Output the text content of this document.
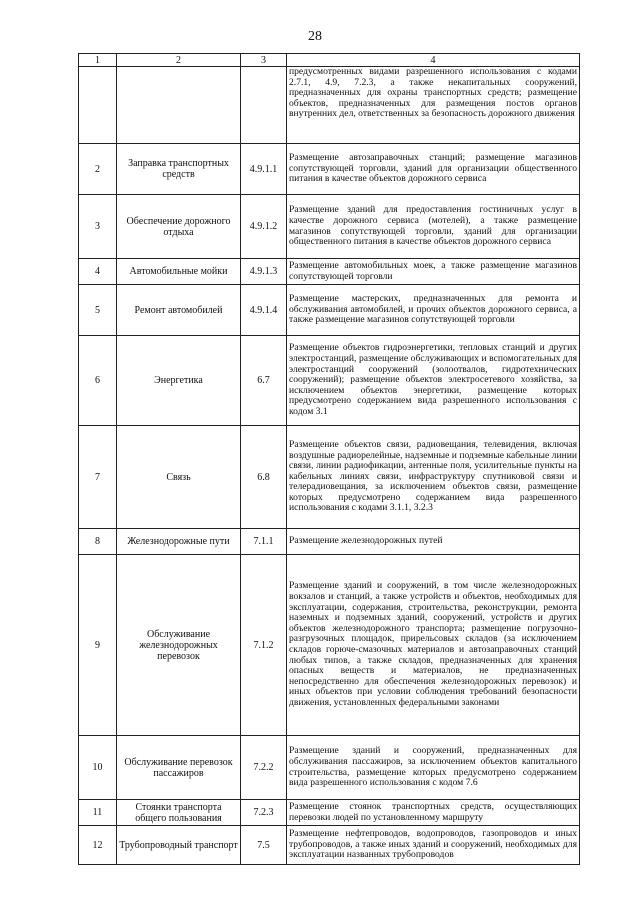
28
1	2	3	4
			предусмотренных видами разрешенного использования с кодами 2.7.1, 4.9, 7.2.3, а также некапитальных сооружений, предназначенных для охраны транспортных средств; размещение объектов, предназначенных для размещения постов органов внутренних дел, ответственных за безопасность дорожного движения
2	Заправка транспортных средств	4.9.1.1	Размещение автозаправочных станций; размещение магазинов сопутствующей торговли, зданий для организации общественного питания в качестве объектов дорожного сервиса
3	Обеспечение дорожного отдыха	4.9.1.2	Размещение зданий для предоставления гостиничных услуг в качестве дорожного сервиса (мотелей), а также размещение магазинов сопутствующей торговли, зданий для организации общественного питания в качестве объектов дорожного сервиса
4	Автомобильные мойки	4.9.1.3	Размещение автомобильных моек, а также размещение магазинов сопутствующей торговли
5	Ремонт автомобилей	4.9.1.4	Размещение мастерских, предназначенных для ремонта и обслуживания автомобилей, и прочих объектов дорожного сервиса, а также размещение магазинов сопутствующей торговли
6	Энергетика	6.7	Размещение объектов гидроэнергетики, тепловых станций и других электростанций, размещение обслуживающих и вспомогательных для электростанций сооружений (золоотвалов, гидротехнических сооружений); размещение объектов электросетевого хозяйства, за исключением объектов энергетики, размещение которых предусмотрено содержанием вида разрешенного использования с кодом 3.1
7	Связь	6.8	Размещение объектов связи, радиовещания, телевидения, включая воздушные радиорелейные, надземные и подземные кабельные линии связи, линии радиофикации, антенные поля, усилительные пункты на кабельных линиях связи, инфраструктуру спутниковой связи и телерадиовещания, за исключением объектов связи, размещение которых предусмотрено содержанием вида разрешенного использования с кодами 3.1.1, 3.2.3
8	Железнодорожные пути	7.1.1	Размещение железнодорожных путей
9	Обслуживание железнодорожных перевозок	7.1.2	Размещение зданий и сооружений, в том числе железнодорожных вокзалов и станций, а также устройств и объектов, необходимых для эксплуатации, содержания, строительства, реконструкции, ремонта наземных и подземных зданий, сооружений, устройств и других объектов железнодорожного транспорта; размещение погрузочно-разгрузочных площадок, прирельсовых складов (за исключением складов горюче-смазочных материалов и автозаправочных станций любых типов, а также складов, предназначенных для хранения опасных веществ и материалов, не предназначенных непосредственно для обеспечения железнодорожных перевозок) и иных объектов при условии соблюдения требований безопасности движения, установленных федеральными законами
10	Обслуживание перевозок пассажиров	7.2.2	Размещение зданий и сооружений, предназначенных для обслуживания пассажиров, за исключением объектов капитального строительства, размещение которых предусмотрено содержанием вида разрешенного использования с кодом 7.6
11	Стоянки транспорта общего пользования	7.2.3	Размещение стоянок транспортных средств, осуществляющих перевозки людей по установленному маршруту
12	Трубопроводный транспорт	7.5	Размещение нефтепроводов, водопроводов, газопроводов и иных трубопроводов, а также иных зданий и сооружений, необходимых для эксплуатации названных трубопроводов
